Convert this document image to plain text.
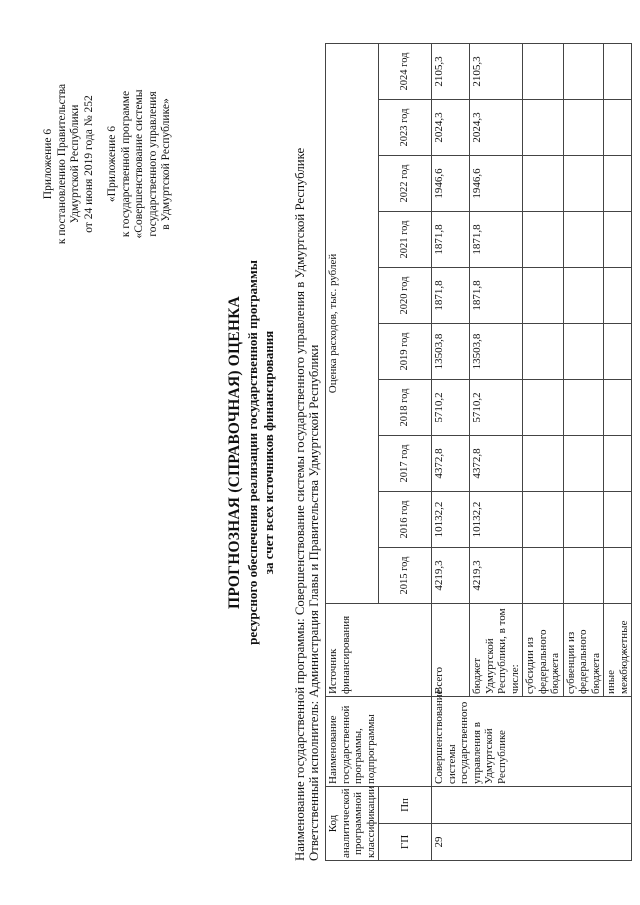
Приложение 6 к постановлению Правительства Удмуртской Республики от 24 июня 2019 года № 252 «Приложение 6 к государственной программе «Совершенствование системы государственного управления в Удмуртской Республике»
ПРОГНОЗНАЯ (СПРАВОЧНАЯ) ОЦЕНКА ресурсного обеспечения реализации государственной программы за счет всех источников финансирования Наименование государственной программы: Совершенствование системы государственного управления в Удмуртской Республике Ответственный исполнитель: Администрация Главы и Правительства Удмуртской Республики Код аналитической программной классификации		Наименование государственной программы, подпрограммы	Источник финансирования	Оценка расходов, тыс. рублей									
ГП	Пп			2015 год	2016 год	2017 год	2018 год	2019 год	2020 год	2021 год	2022 год	2023 год	2024 год
29		Совершенствование системы государственного управления в Удмуртской Республике	Всего	4219,3	10132,2	4372,8	5710,2	13503,8	1871,8	1871,8	1946,6	2024,3	2105,3
			бюджет Удмуртской Республики, в том числе:	4219,3	10132,2	4372,8	5710,2	13503,8	1871,8	1871,8	1946,6	2024,3	2105,3
			субсидии из федерального бюджета										
			субвенции из федерального бюджета										
			иные межбюджетные										
